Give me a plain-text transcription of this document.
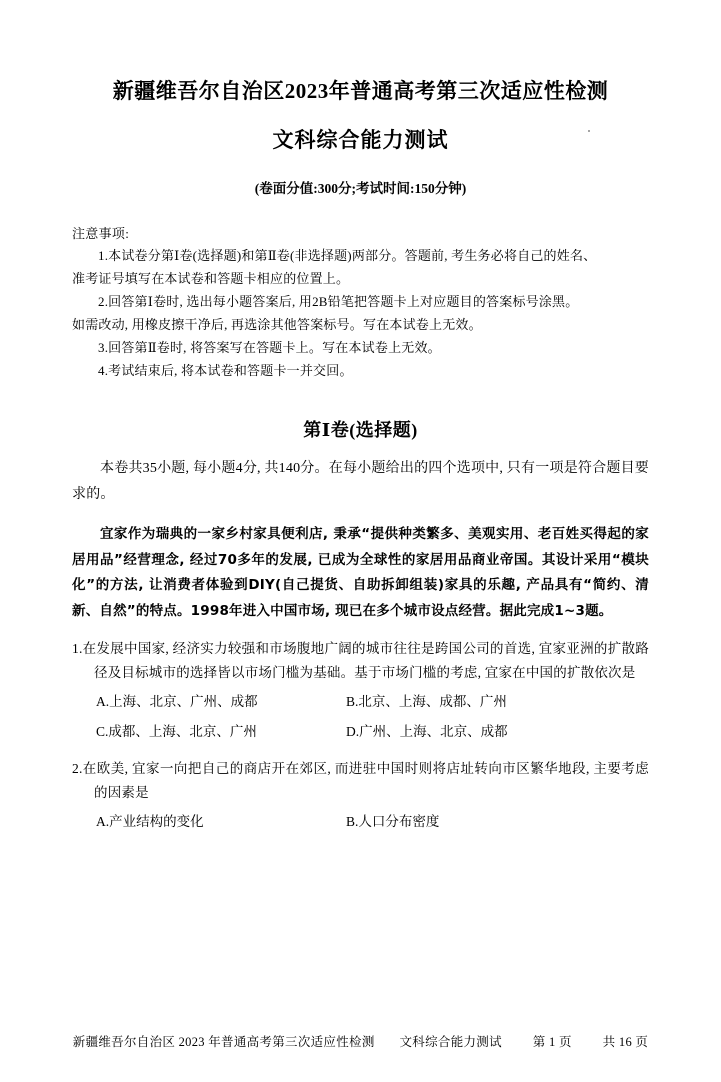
新疆维吾尔自治区2023年普通高考第三次适应性检测
文科综合能力测试
(卷面分值:300分;考试时间:150分钟)
注意事项:
1.本试卷分第Ⅰ卷(选择题)和第Ⅱ卷(非选择题)两部分。答题前, 考生务必将自己的姓名、
准考证号填写在本试卷和答题卡相应的位置上。
2.回答第Ⅰ卷时, 选出每小题答案后, 用2B铅笔把答题卡上对应题目的答案标号涂黑。
如需改动, 用橡皮擦干净后, 再选涂其他答案标号。写在本试卷上无效。
3.回答第Ⅱ卷时, 将答案写在答题卡上。写在本试卷上无效。
4.考试结束后, 将本试卷和答题卡一并交回。
第Ⅰ卷(选择题)
本卷共35小题, 每小题4分, 共140分。在每小题给出的四个选项中, 只有一项是符合题目要求的。
宜家作为瑞典的一家乡村家具便利店, 秉承“提供种类繁多、美观实用、老百姓买得起的家居用品”经营理念, 经过70多年的发展, 已成为全球性的家居用品商业帝国。其设计采用“模块化”的方法, 让消费者体验到DIY(自己提货、自助拆卸组装)家具的乐趣, 产品具有“简约、清新、自然”的特点。1998年进入中国市场, 现已在多个城市设点经营。据此完成1~3题。
1.在发展中国家, 经济实力较强和市场腹地广阔的城市往往是跨国公司的首选, 宜家亚洲的扩散路径及目标城市的选择皆以市场门槛为基础。基于市场门槛的考虑, 宜家在中国的扩散依次是
A.上海、北京、广州、成都	B.北京、上海、成都、广州
C.成都、上海、北京、广州	D.广州、上海、北京、成都
2.在欧美, 宜家一向把自己的商店开在郊区, 而进驻中国时则将店址转向市区繁华地段, 主要考虑的因素是
A.产业结构的变化	B.人口分布密度
新疆维吾尔自治区 2023 年普通高考第三次适应性检测 文科综合能力测试 第 1 页 共 16 页
